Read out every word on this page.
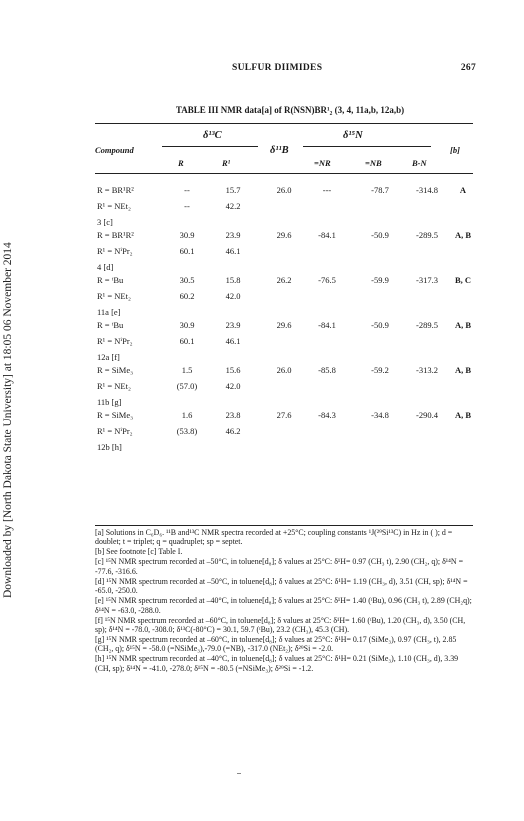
Downloaded by [North Dakota State University] at 18:05 06 November 2014
SULFUR DIIMIDES	267
TABLE III NMR data[a] of R(NSN)BR¹₂ (3, 4, 11a,b, 12a,b)
δ¹³C	δ¹⁵N
Compound	δ¹¹B	[b]
R	R¹	=NR	=NB	B-N
R = BR¹R²	--	15.7	26.0	---	-78.7	-314.8	A
R¹ = NEt₂	--	42.2
3 [c]
R = BR¹R²	30.9	23.9	29.6	-84.1	-50.9	-289.5	A, B
R¹ = NⁱPr₂	60.1	46.1
4 [d]
R = ᵗBu	30.5	15.8	26.2	-76.5	-59.9	-317.3	B, C
R¹ = NEt₂	60.2	42.0
11a [e]
R = ᵗBu	30.9	23.9	29.6	-84.1	-50.9	-289.5	A, B
R¹ = NⁱPr₂	60.1	46.1
12a [f]
R = SiMe₃	1.5	15.6	26.0	-85.8	-59.2	-313.2	A, B
R¹ = NEt₂	(57.0)	42.0
11b [g]
R = SiMe₃	1.6	23.8	27.6	-84.3	-34.8	-290.4	A, B
R¹ = NⁱPr₂	(53.8)	46.2
12b [h]

[a] Solutions in C₆D₆. ¹¹B and¹³C NMR spectra recorded at +25°C; coupling constants ¹J(²⁹Si¹³C) in Hz in ( ); d = doublet; t = triplet; q = quadruplet; sp = septet.

[b] See footnote [c] Table I.

[c] ¹⁵N NMR spectrum recorded at –50°C, in toluene[d₈]; δ values at 25°C: δ¹H= 0.97 (CH₃ t), 2.90 (CH₂, q); δ¹⁴N = -77.6, -316.6.

[d] ¹⁵N NMR spectrum recorded at –50°C, in toluene[d₈]; δ values at 25°C: δ¹H= 1.19 (CH₃, d), 3.51 (CH, sp); δ¹⁴N = -65.0, -250.0.

[e] ¹⁵N NMR spectrum recorded at –40°C, in toluene[d₈]; δ values at 25°C: δ¹H= 1.40 (ᵗBu), 0.96 (CH₃ t), 2.89 (CH₂q); δ¹⁴N = -63.0, -288.0.

[f] ¹⁵N NMR spectrum recorded at –60°C, in toluene[d₈]; δ values at 25°C: δ¹H= 1.60 (ᵗBu), 1.20 (CH₃, d), 3.50 (CH, sp); δ¹⁴N = -78.0, -308.0; δ¹³C(-80°C) = 30.1, 59.7 (ᵗBu), 23.2 (CH₃), 45.3 (CH).

[g] ¹⁵N NMR spectrum recorded at –60°C, in toluene[d₈]; δ values at 25°C: δ¹H= 0.17 (SiMe₃), 0.97 (CH₃, t), 2.85 (CH₂, q); δ¹⁵N = -58.0 (=NSiMe₃),-79.0 (=NB), -317.0 (NEt₂); δ²⁹Si = -2.0.

[h] ¹⁵N NMR spectrum recorded at –40°C, in toluene[d₈]; δ values at 25°C: δ¹H= 0.21 (SiMe₃), 1.10 (CH₃, d), 3.39 (CH, sp); δ¹⁴N = -41.0, -278.0; δ¹⁵N = -80.5 (=NSiMe₃); δ²⁹Si = -1.2.
